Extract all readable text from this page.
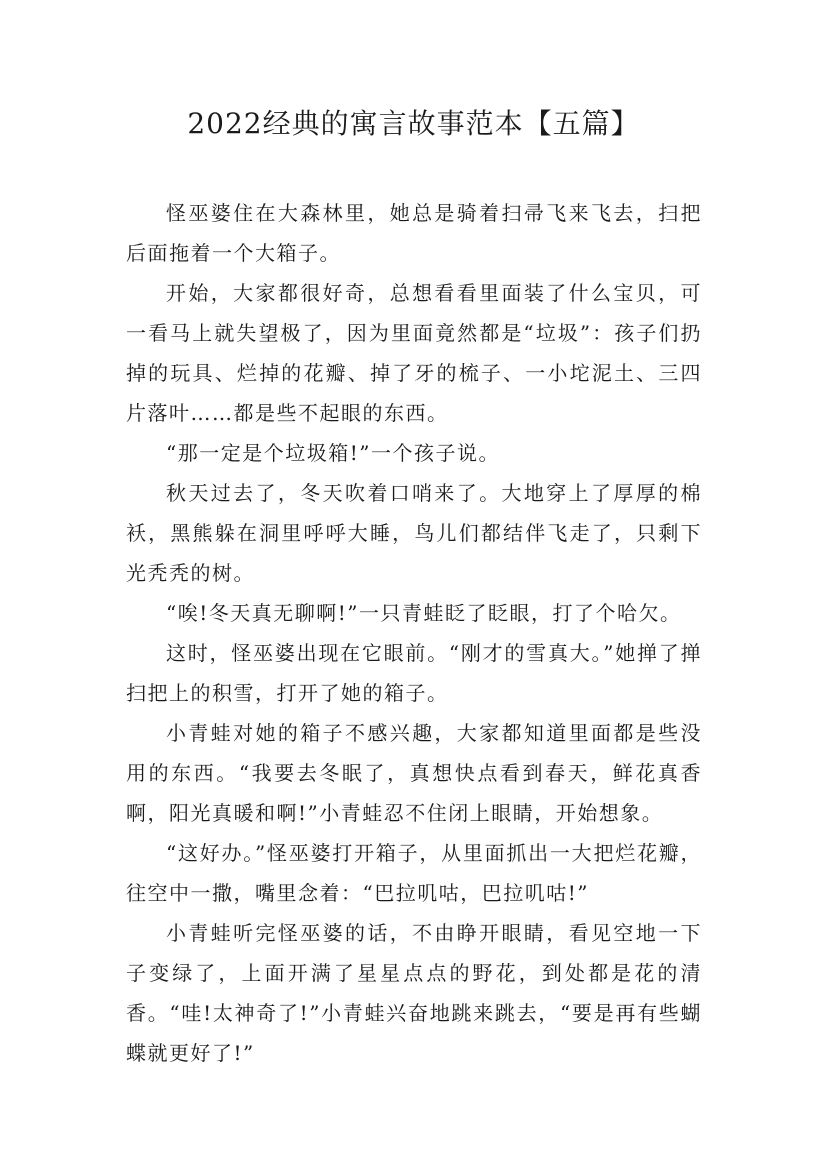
2022经典的寓言故事范本【五篇】

怪巫婆住在大森林里，她总是骑着扫帚飞来飞去，扫把后面拖着一个大箱子。

开始，大家都很好奇，总想看看里面装了什么宝贝，可一看马上就失望极了，因为里面竟然都是“垃圾”：孩子们扔掉的玩具、烂掉的花瓣、掉了牙的梳子、一小坨泥土、三四片落叶……都是些不起眼的东西。

“那一定是个垃圾箱!”一个孩子说。

秋天过去了，冬天吹着口哨来了。大地穿上了厚厚的棉袄，黑熊躲在洞里呼呼大睡，鸟儿们都结伴飞走了，只剩下光秃秃的树。

“唉!冬天真无聊啊!”一只青蛙眨了眨眼，打了个哈欠。

这时，怪巫婆出现在它眼前。“刚才的雪真大。”她掸了掸扫把上的积雪，打开了她的箱子。

小青蛙对她的箱子不感兴趣，大家都知道里面都是些没用的东西。“我要去冬眠了，真想快点看到春天，鲜花真香啊，阳光真暖和啊!”小青蛙忍不住闭上眼睛，开始想象。

“这好办。”怪巫婆打开箱子，从里面抓出一大把烂花瓣，往空中一撒，嘴里念着：“巴拉叽咕，巴拉叽咕!”

小青蛙听完怪巫婆的话，不由睁开眼睛，看见空地一下子变绿了，上面开满了星星点点的野花，到处都是花的清香。“哇!太神奇了!”小青蛙兴奋地跳来跳去，“要是再有些蝴蝶就更好了!”
